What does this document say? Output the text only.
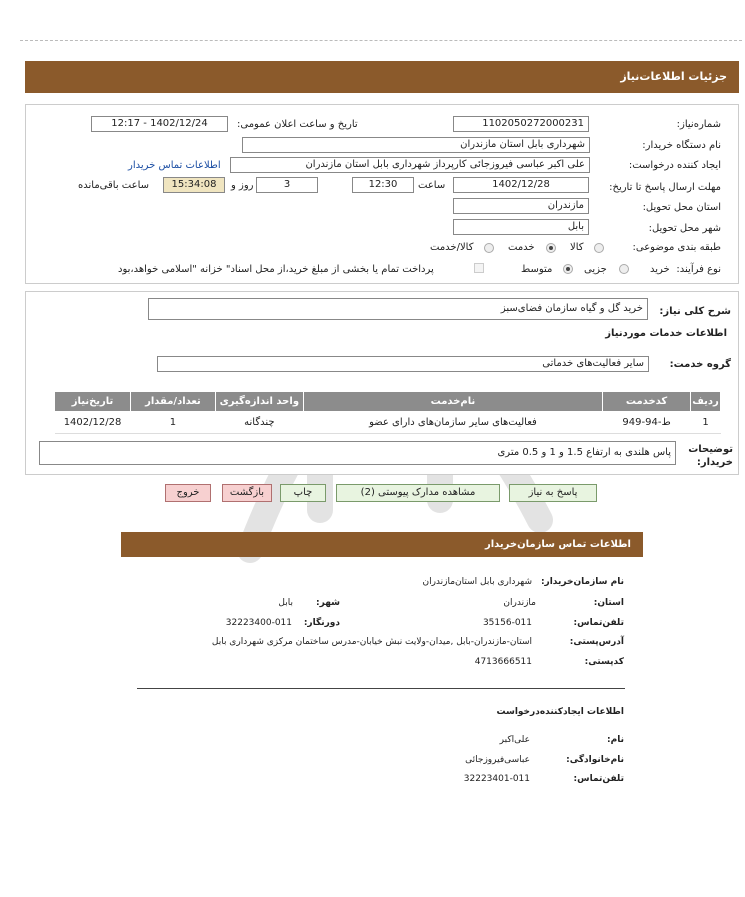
جزئیات اطلاعات‌نیاز
شماره‌نیاز:
1102050272000231
تاریخ و ساعت اعلان عمومی:
1402/12/24 - 12:17
نام دستگاه خریدار:
شهرداری بابل استان مازندران
ایجاد کننده درخواست:
علی اکبر عباسی فیروزجائی کارپرداز شهرداری بابل استان مازندران
اطلاعات تماس خریدار
مهلت ارسال پاسخ تا تاریخ:
1402/12/28
ساعت
12:30
3
روز و
15:34:08
ساعت باقی‌مانده
استان محل تحویل:
مازندران
شهر محل تحویل:
بابل
طبقه بندی موضوعی:
کالا
خدمت
کالا/خدمت
نوع فرآیند:
خرید
جزیی
متوسط
پرداخت تمام یا بخشی از مبلغ خرید،از محل اسناد" خزانه "اسلامی خواهد،بود
شرح کلی نیاز:
خرید گل و گیاه سازمان فضای‌سبز
اطلاعات خدمات موردنیاز
گروه خدمت:
سایر فعالیت‌های خدماتی
ردیف	کدخدمت	نام‌خدمت	واحد اندازه‌گیری	تعداد/مقدار	تاریخ‌نیاز
1	ط-94-949	فعالیت‌های سایر سازمان‌های دارای عضو	چندگانه	1	1402/12/28
توضیحات خریدار:
پاس هلندی به ارتفاع 1.5 و 1 و 0.5 متری
پاسخ به نیاز
مشاهده مدارک پیوستی (2)
چاپ
بازگشت
خروج
اطلاعات تماس سازمان‌خریدار
نام سازمان‌خریدار:
شهرداری بابل استان‌مازندران
استان:
مازندران
شهر:
بابل
تلفن‌تماس:
35156-011
دورنگار:
32223400-011
آدرس‌پستی:
استان-مازندران-بابل ,میدان-ولایت نبش خیابان-مدرس ساختمان مرکزی شهرداری بابل
کدپستی:
4713666511
اطلاعات ایجادکننده‌درخواست
نام:
علی‌اکبر
نام‌خانوادگی:
عباسی‌فیروزجائی
تلفن‌تماس:
32223401-011
